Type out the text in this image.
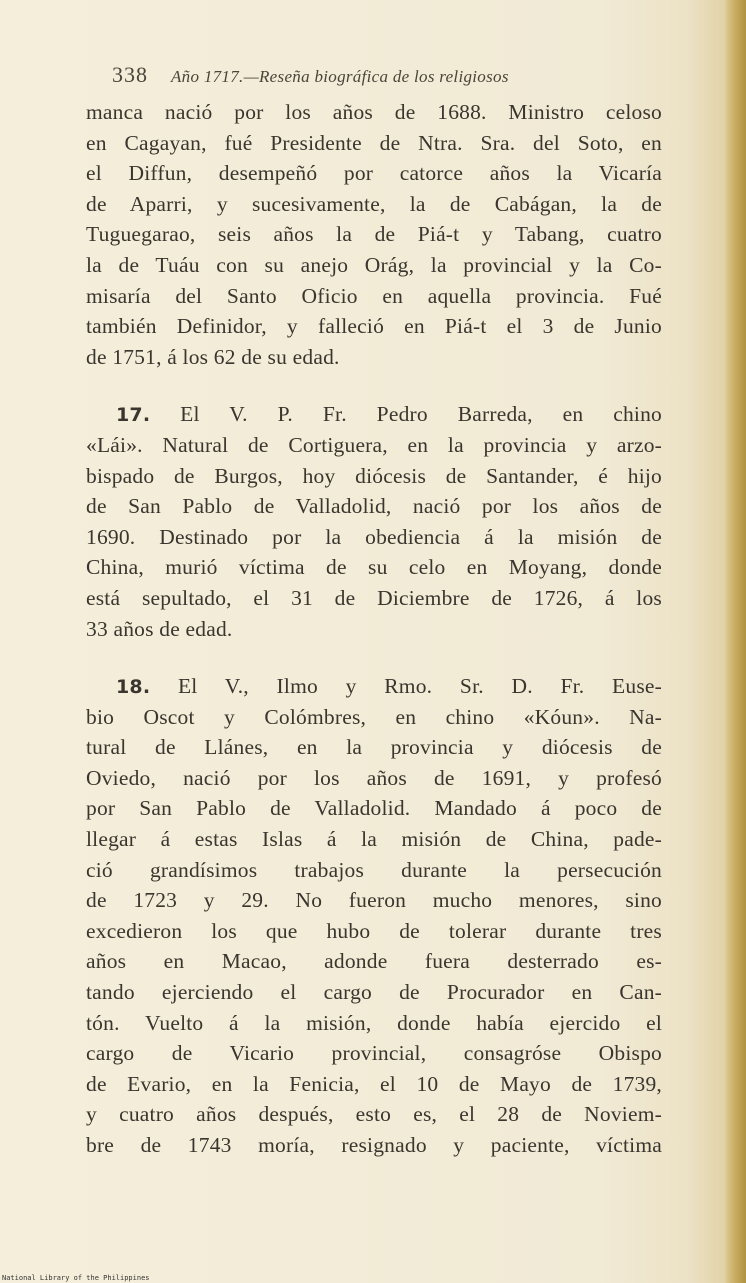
338 Año 1717.—Reseña biográfica de los religiosos
manca nació por los años de 1688. Ministro celoso
en Cagayan, fué Presidente de Ntra. Sra. del Soto, en
el Diffun, desempeñó por catorce años la Vicaría
de Aparri, y sucesivamente, la de Cabágan, la de
Tuguegarao, seis años la de Piá-t y Tabang, cuatro
la de Tuáu con su anejo Orág, la provincial y la Co-
misaría del Santo Oficio en aquella provincia. Fué
también Definidor, y falleció en Piá-t el 3 de Junio
de 1751, á los 62 de su edad.
17. El V. P. Fr. Pedro Barreda, en chino
«Lái». Natural de Cortiguera, en la provincia y arzo-
bispado de Burgos, hoy diócesis de Santander, é hijo
de San Pablo de Valladolid, nació por los años de
1690. Destinado por la obediencia á la misión de
China, murió víctima de su celo en Moyang, donde
está sepultado, el 31 de Diciembre de 1726, á los
33 años de edad.
18. El V., Ilmo y Rmo. Sr. D. Fr. Euse-
bio Oscot y Colómbres, en chino «Kóun». Na-
tural de Llánes, en la provincia y diócesis de
Oviedo, nació por los años de 1691, y profesó
por San Pablo de Valladolid. Mandado á poco de
llegar á estas Islas á la misión de China, pade-
ció grandísimos trabajos durante la persecución
de 1723 y 29. No fueron mucho menores, sino
excedieron los que hubo de tolerar durante tres
años en Macao, adonde fuera desterrado es-
tando ejerciendo el cargo de Procurador en Can-
tón. Vuelto á la misión, donde había ejercido el
cargo de Vicario provincial, consagróse Obispo
de Evario, en la Fenicia, el 10 de Mayo de 1739,
y cuatro años después, esto es, el 28 de Noviem-
bre de 1743 moría, resignado y paciente, víctima
National Library of the Philippines
